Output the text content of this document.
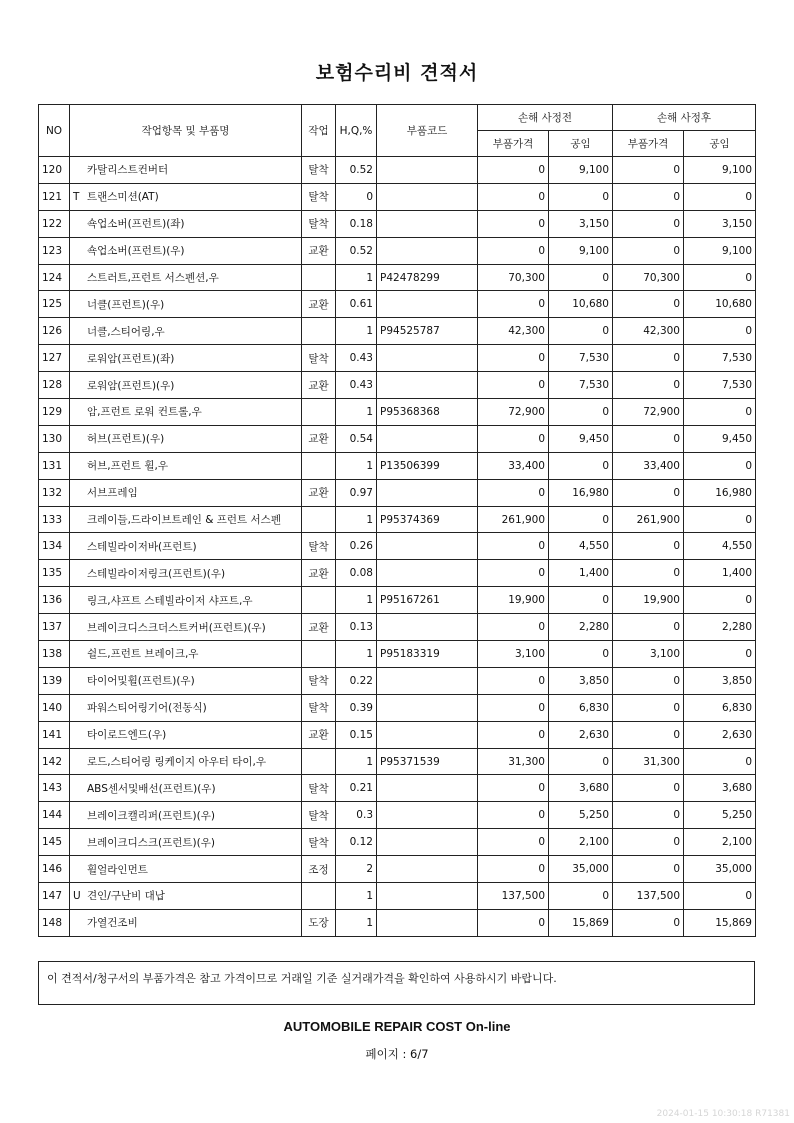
보험수리비 견적서
NO	작업항목 및 부품명	작업	H,Q,%	부품코드	손해 사정전		손해 사정후	
					부품가격	공임	부품가격	공임
120	카탈리스트컨버터	탈착	0.52		0	9,100	0	9,100
121	T 트랜스미션(AT)	탈착	0		0	0	0	0
122	쇽업소버(프런트)(좌)	탈착	0.18		0	3,150	0	3,150
123	쇽업소버(프런트)(우)	교환	0.52		0	9,100	0	9,100
124	스트러트,프런트 서스펜션,우		1	P42478299	70,300	0	70,300	0
125	너클(프런트)(우)	교환	0.61		0	10,680	0	10,680
126	너클,스티어링,우		1	P94525787	42,300	0	42,300	0
127	로워암(프런트)(좌)	탈착	0.43		0	7,530	0	7,530
128	로워암(프런트)(우)	교환	0.43		0	7,530	0	7,530
129	암,프런트 로워 컨트롤,우		1	P95368368	72,900	0	72,900	0
130	허브(프런트)(우)	교환	0.54		0	9,450	0	9,450
131	허브,프런트 휠,우		1	P13506399	33,400	0	33,400	0
132	서브프레임	교환	0.97		0	16,980	0	16,980
133	크레이들,드라이브트레인 & 프런트 서스펜		1	P95374369	261,900	0	261,900	0
134	스테빌라이저바(프런트)	탈착	0.26		0	4,550	0	4,550
135	스테빌라이저링크(프런트)(우)	교환	0.08		0	1,400	0	1,400
136	링크,샤프트 스테빌라이저 샤프트,우		1	P95167261	19,900	0	19,900	0
137	브레이크디스크더스트커버(프런트)(우)	교환	0.13		0	2,280	0	2,280
138	쉴드,프런트 브레이크,우		1	P95183319	3,100	0	3,100	0
139	타이어및휠(프런트)(우)	탈착	0.22		0	3,850	0	3,850
140	파워스티어링기어(전동식)	탈착	0.39		0	6,830	0	6,830
141	타이로드엔드(우)	교환	0.15		0	2,630	0	2,630
142	로드,스티어링 링케이지 아우터 타이,우		1	P95371539	31,300	0	31,300	0
143	ABS센서및배선(프런트)(우)	탈착	0.21		0	3,680	0	3,680
144	브레이크캘리퍼(프런트)(우)	탈착	0.3		0	5,250	0	5,250
145	브레이크디스크(프런트)(우)	탈착	0.12		0	2,100	0	2,100
146	휠얼라인먼트	조정	2		0	35,000	0	35,000
147	U 견인/구난비 대납		1		137,500	0	137,500	0
148	가열건조비	도장	1		0	15,869	0	15,869
이 견적서/청구서의 부품가격은 참고 가격이므로 거래일 기준 실거래가격을 확인하여 사용하시기 바랍니다.
AUTOMOBILE REPAIR COST On-line
페이지 : 6/7
2024-01-15 10:30:18 R71381
